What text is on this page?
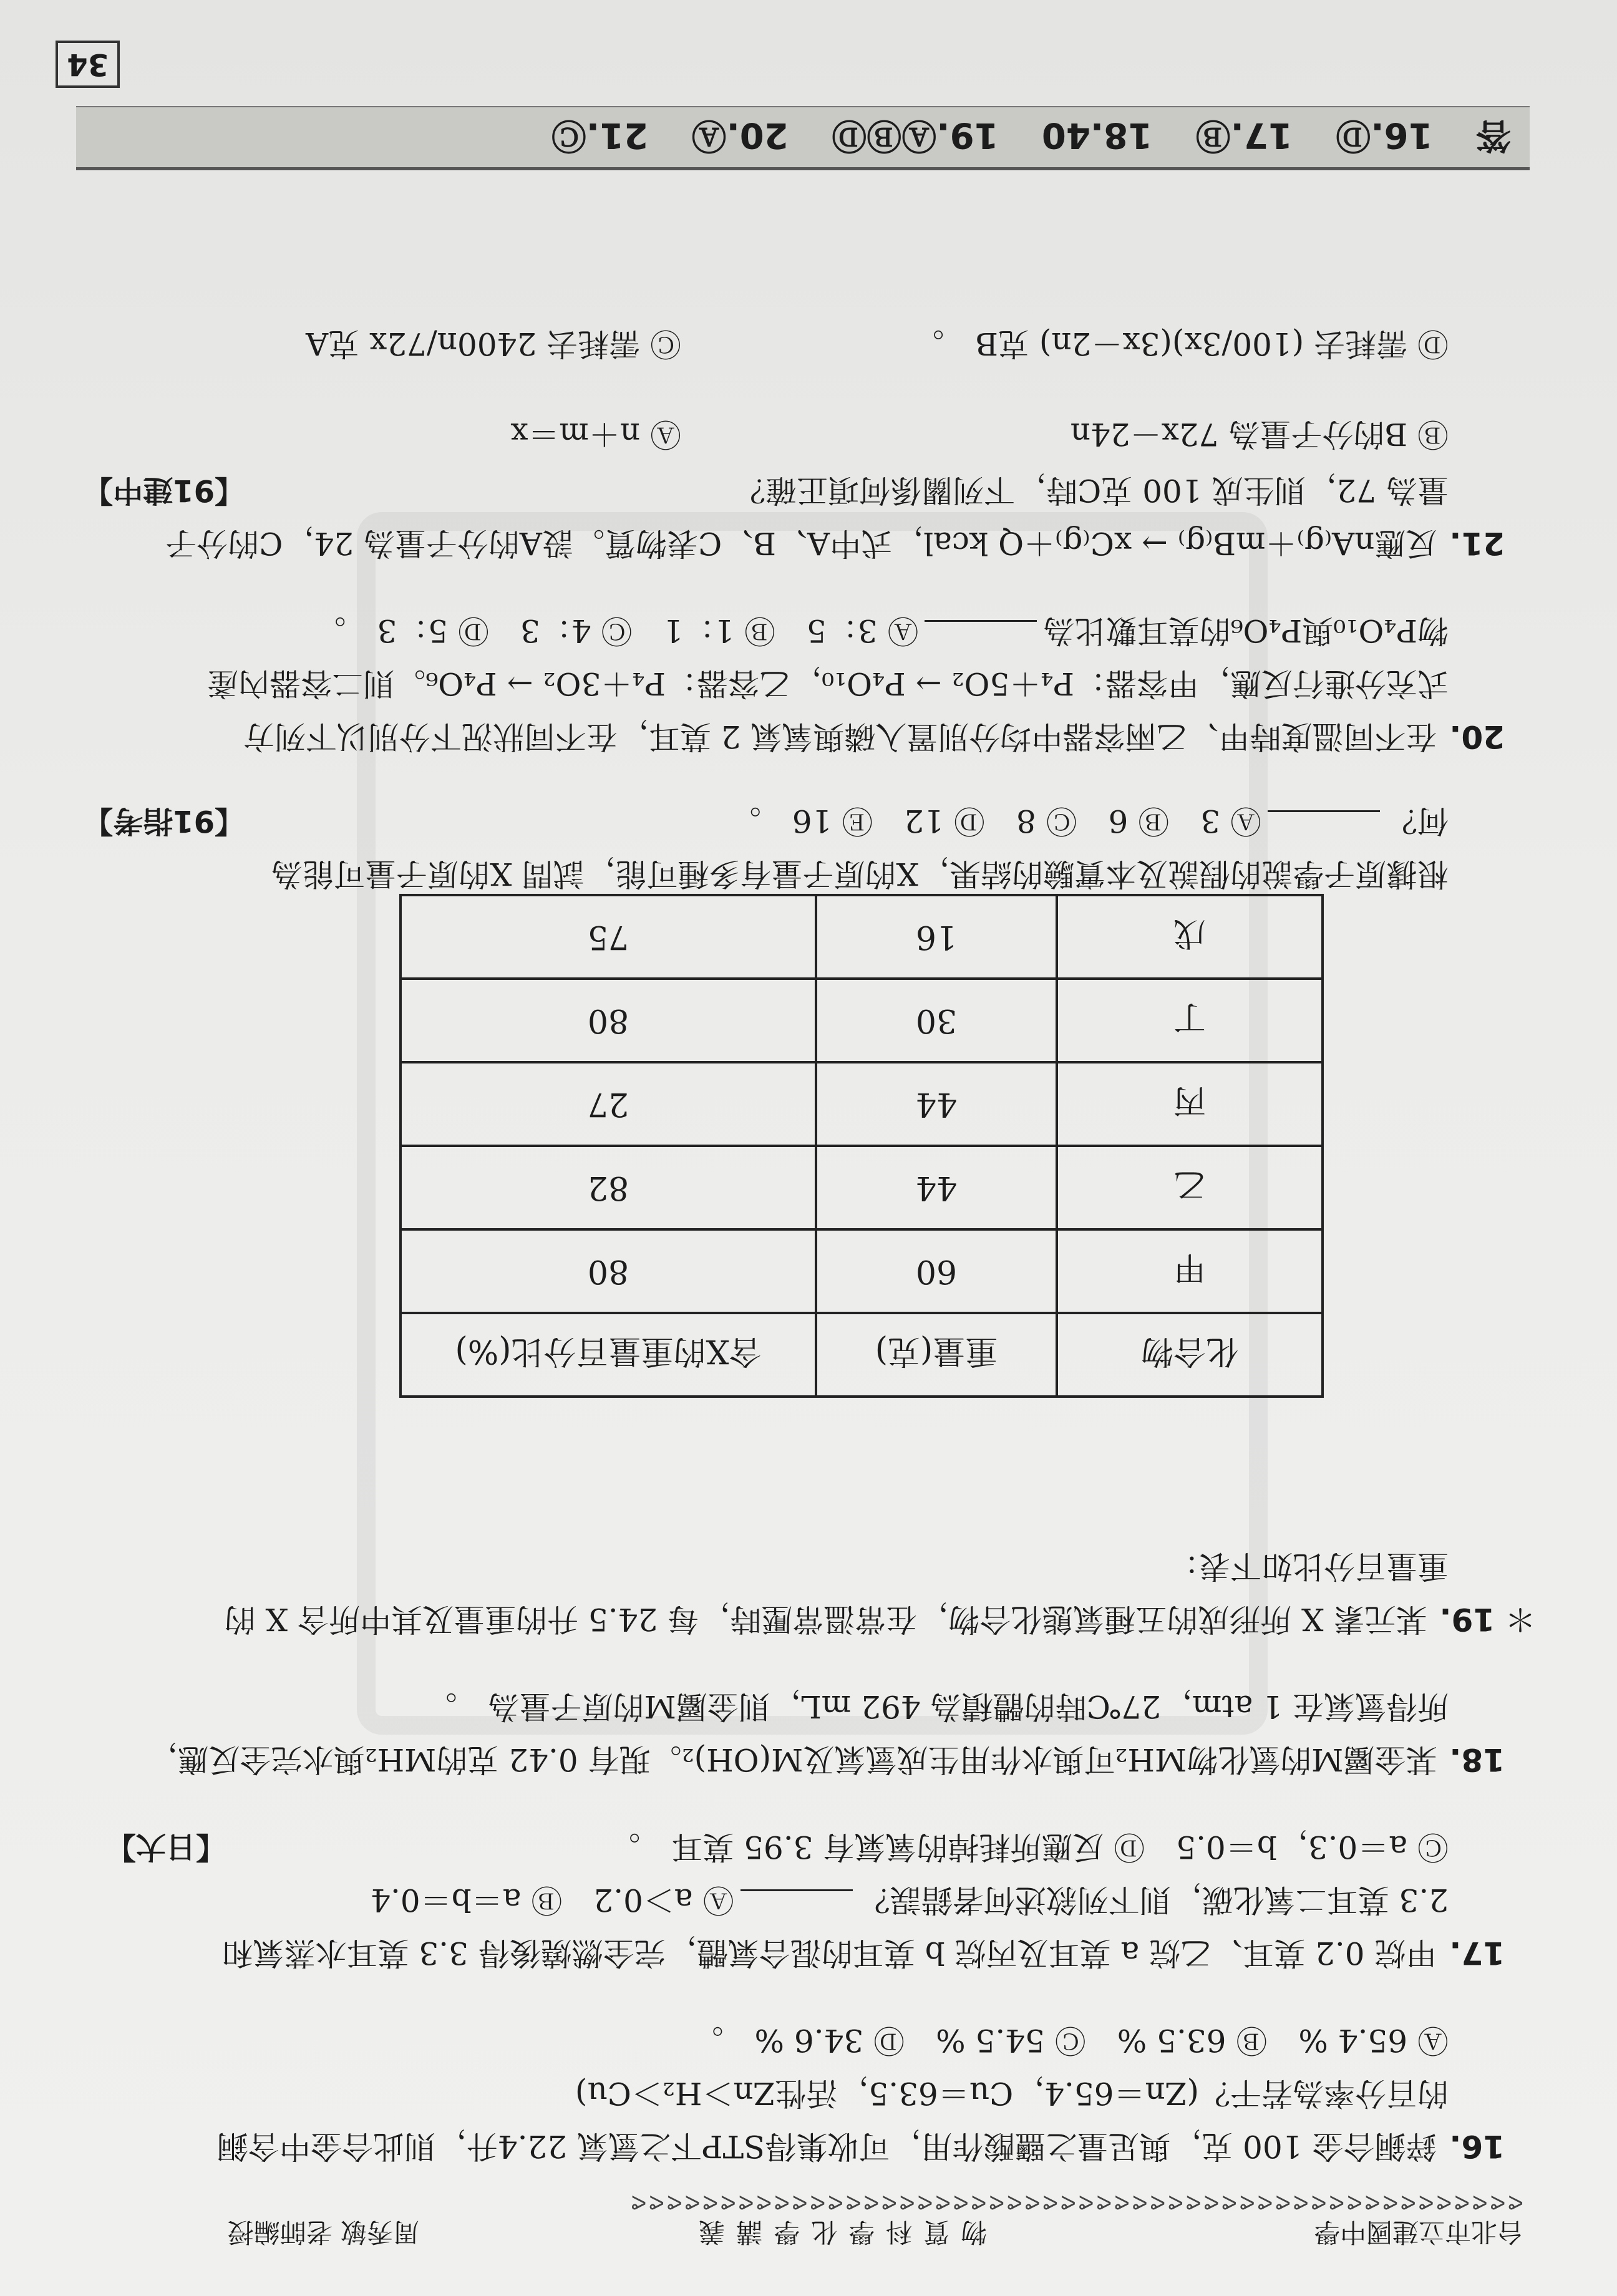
台北市立建國中學
物質科學化學講義
周秀敏 老師編授
ᕙᕙᕙᕙᕙᕙᕙᕙᕙᕙᕙᕙᕙᕙᕙᕙᕙᕙᕙᕙᕙᕙᕙᕙᕙᕙᕙᕙᕙᕙᕙᕙᕙᕙᕙᕙᕙᕙᕙᕙᕙᕙᕙᕙᕙᕙᕙᕙᕙᕙ
16.鋅銅合金 100 克，與足量之鹽酸作用，可收集得STP下之氫氣 22.4升，則此合金中含銅
的百分率為若干？(Zn＝65.4，Cu＝63.5，活性Zn＞H₂＞Cu)
Ⓐ 65.4 %　Ⓑ 63.5 %　Ⓒ 54.5 %　Ⓓ 34.6 %　。
17.甲烷 0.2 莫耳、乙烷 a 莫耳及丙烷 b 莫耳的混合氣體，完全燃燒後得 3.3 莫耳水蒸氣和
2.3 莫耳二氧化碳，則下列敘述何者錯誤？Ⓐ a＞0.2　Ⓑ a＝b＝0.4
Ⓒ a＝0.3，b＝0.5　Ⓓ 反應所耗掉的氧氣有 3.95 莫耳　。
【日大】
18.某金屬M的氫化物MH₂可與水作用生成氫氣及M(OH)₂。現有 0.42 克的MH₂與水完全反應，
所得氫氣在 1 atm，27℃時的體積為 492 mL，則金屬M的原子量為　。
＊ 19.某元素 X 所形成的五種氣態化合物，在常溫常壓時，每 24.5 升的重量及其中所含 X 的
重量百分比如下表：
化合物	重量(克)	含X的重量百分比(%)
甲	60	80
乙	44	82
丙	44	27
丁	30	80
戊	16	75
根據原子學說的假說及本實驗的結果，X的原子量有多種可能，試問 X的原子量可能為
何？Ⓐ 3　Ⓑ 6　Ⓒ 8　Ⓓ 12　Ⓔ 16　。
【91指考】
20.在不同溫度時甲、乙兩容器中均分別置入磷與氧氣 2 莫耳，在不同狀況下分別以下列方
式充分進行反應，甲容器：P₄＋5O₂ → P₄O₁₀，乙容器：P₄＋3O₂ → P₄O₆。則二容器內產
物P₄O₁₀與P₄O₆的莫耳數比為Ⓐ 3：5　Ⓑ 1：1　Ⓒ 4：3　Ⓓ 5：3　。
21.反應nA₍g₎＋mB₍g₎ → xC₍g₎＋Q kcal，式中A、B、C表物質。設A的分子量為 24，C的分子
量為 72，則生成 100 克C時，下列關係何項正確？
【91建中】
Ⓑ B的分子量為 72x－24n
Ⓐ n＋m＝x
Ⓓ 需耗去 (100/3x)(3x－2n) 克B　。
Ⓒ 需耗去 2400n/72x 克A
答 16.Ⓓ 17.Ⓑ 18.40 19.ⒶⒷⒹ 20.Ⓐ 21.Ⓒ
34
